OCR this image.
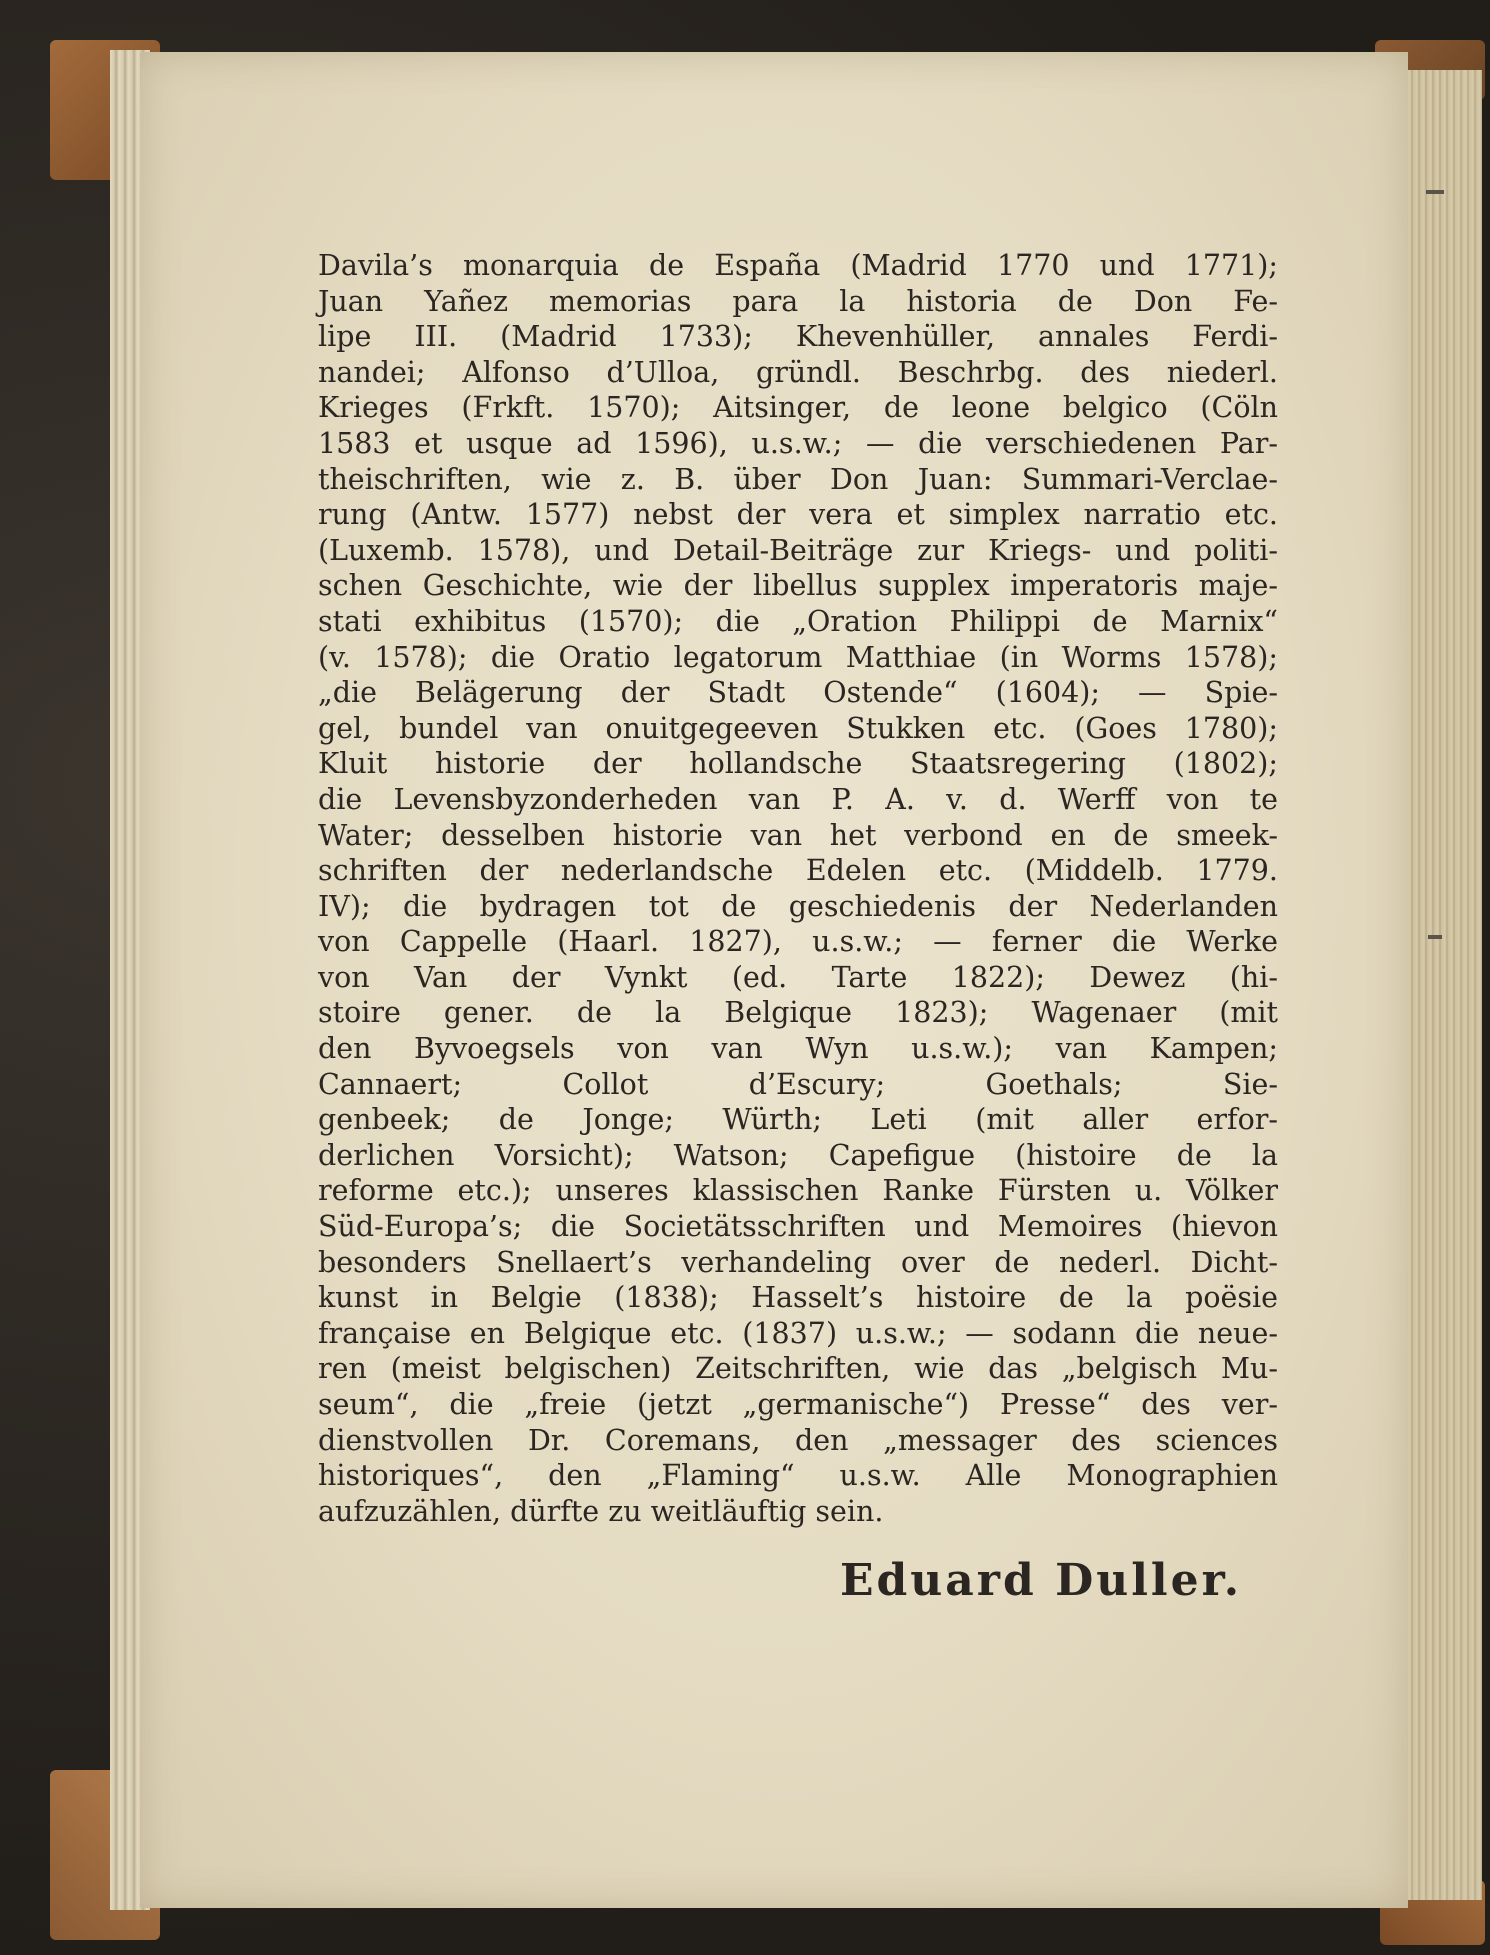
Davila’s monarquia de España (Madrid 1770 und 1771);
Juan Yañez memorias para la historia de Don Fe-
lipe III. (Madrid 1733); Khevenhüller, annales Ferdi-
nandei; Alfonso d’Ulloa, gründl. Beschrbg. des niederl.
Krieges (Frkft. 1570); Aitsinger, de leone belgico (Cöln
1583 et usque ad 1596), u.s.w.; — die verschiedenen Par-
theischriften, wie z. B. über Don Juan: Summari-Verclae-
rung (Antw. 1577) nebst der vera et simplex narratio etc.
(Luxemb. 1578), und Detail-Beiträge zur Kriegs- und politi-
schen Geschichte, wie der libellus supplex imperatoris maje-
stati exhibitus (1570); die „Oration Philippi de Marnix“
(v. 1578); die Oratio legatorum Matthiae (in Worms 1578);
„die Belägerung der Stadt Ostende“ (1604); — Spie-
gel, bundel van onuitgegeeven Stukken etc. (Goes 1780);
Kluit historie der hollandsche Staatsregering (1802);
die Levensbyzonderheden van P. A. v. d. Werff von te
Water; desselben historie van het verbond en de smeek-
schriften der nederlandsche Edelen etc. (Middelb. 1779.
IV); die bydragen tot de geschiedenis der Nederlanden
von Cappelle (Haarl. 1827), u.s.w.; — ferner die Werke
von Van der Vynkt (ed. Tarte 1822); Dewez (hi-
stoire gener. de la Belgique 1823); Wagenaer (mit
den Byvoegsels von van Wyn u.s.w.); van Kampen;
Cannaert; Collot d’Escury; Goethals; Sie-
genbeek; de Jonge; Würth; Leti (mit aller erfor-
derlichen Vorsicht); Watson; Capefigue (histoire de la
reforme etc.); unseres klassischen Ranke Fürsten u. Völker
Süd-Europa’s; die Societätsschriften und Memoires (hievon
besonders Snellaert’s verhandeling over de nederl. Dicht-
kunst in Belgie (1838); Hasselt’s histoire de la poësie
française en Belgique etc. (1837) u.s.w.; — sodann die neue-
ren (meist belgischen) Zeitschriften, wie das „belgisch Mu-
seum“, die „freie (jetzt „germanische“) Presse“ des ver-
dienstvollen Dr. Coremans, den „messager des sciences
historiques“, den „Flaming“ u.s.w. Alle Monographien
aufzuzählen, dürfte zu weitläuftig sein.
Eduard Duller.
